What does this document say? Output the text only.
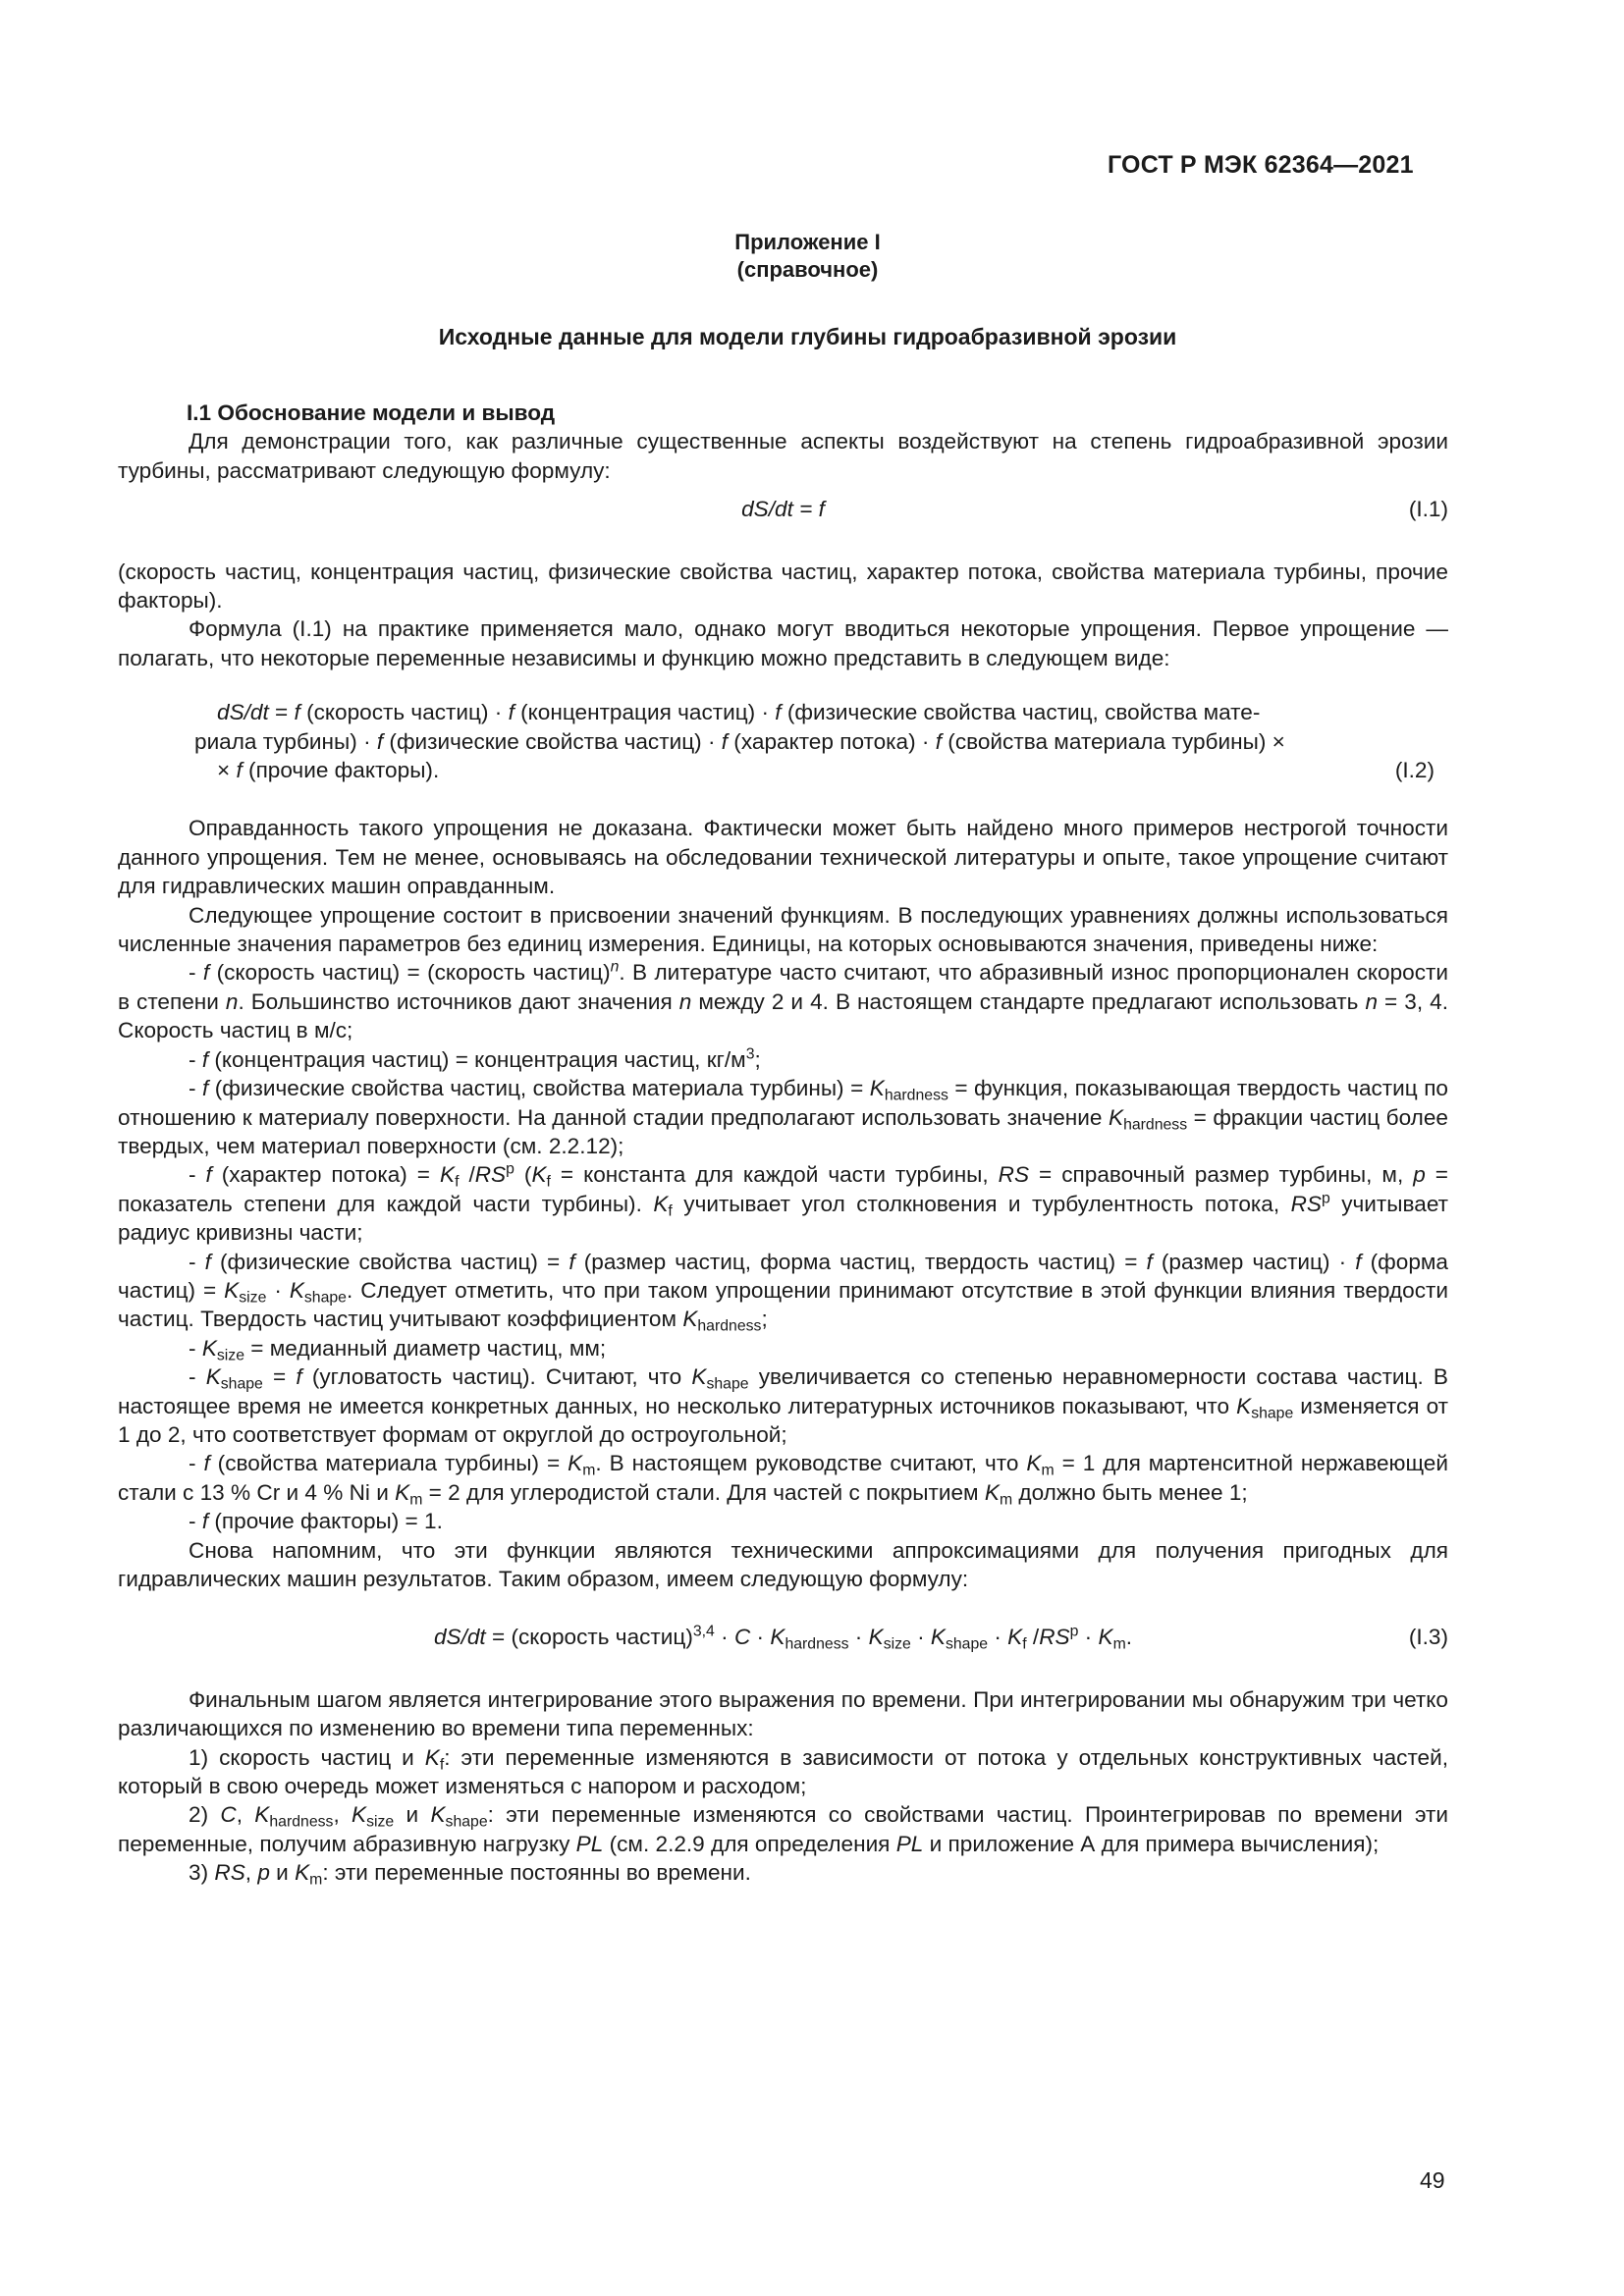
ГОСТ Р МЭК 62364—2021
Приложение I
(справочное)
Исходные данные для модели глубины гидроабразивной эрозии

I.1 Обоснование модели и вывод

Для демонстрации того, как различные существенные аспекты воздействуют на степень гидроабразивной эрозии турбины, рассматривают следующую формулу:

dS/dt = f	(I.1)

(скорость частиц, концентрация частиц, физические свойства частиц, характер потока, свойства материала турбины, прочие факторы).

Формула (I.1) на практике применяется мало, однако могут вводиться некоторые упрощения. Первое упрощение — полагать, что некоторые переменные независимы и функцию можно представить в следующем виде:

dS/dt = f (скорость частиц) · f (концентрация частиц) · f (физические свойства частиц, свойства мате-
риала турбины) · f (физические свойства частиц) · f (характер потока) · f (свойства материала турбины) ×
× f (прочие факторы).	(I.2)

Оправданность такого упрощения не доказана. Фактически может быть найдено много примеров нестрогой точности данного упрощения. Тем не менее, основываясь на обследовании технической литературы и опыте, такое упрощение считают для гидравлических машин оправданным.

Следующее упрощение состоит в присвоении значений функциям. В последующих уравнениях должны использоваться численные значения параметров без единиц измерения. Единицы, на которых основываются значения, приведены ниже:

- f (скорость частиц) = (скорость частиц)$^n$. В литературе часто считают, что абразивный износ пропорционален скорости в степени n. Большинство источников дают значения n между 2 и 4. В настоящем стандарте предлагают использовать n = 3, 4. Скорость частиц в м/с;

- f (концентрация частиц) = концентрация частиц, $кг/м^3$;

- f (физические свойства частиц, свойства материала турбины) = $K_{hardness}$ = функция, показывающая твердость частиц по отношению к материалу поверхности. На данной стадии предполагают использовать значение $K_{hardness}$ = фракции частиц более твердых, чем материал поверхности (см. 2.2.12);

- f (характер потока) = $K_f$ $/RS^p$ ($K_f$ = константа для каждой части турбины, RS = справочный размер турбины, м, p = показатель степени для каждой части турбины). $K_f$ учитывает угол столкновения и турбулентность потока, $RS^p$ учитывает радиус кривизны части;

- f (физические свойства частиц) = f (размер частиц, форма частиц, твердость частиц) = f (размер частиц) · f (форма частиц) = $K_{size} \cdot K_{shape}$. Следует отметить, что при таком упрощении принимают отсутствие в этой функции влияния твердости частиц. Твердость частиц учитывают коэффициентом $K_{hardness}$;

- $K_{size}$ = медианный диаметр частиц, мм;

- $K_{shape} = f$ (угловатость частиц). Считают, что $K_{shape}$ увеличивается со степенью неравномерности состава частиц. В настоящее время не имеется конкретных данных, но несколько литературных источников показывают, что $K_{shape}$ изменяется от 1 до 2, что соответствует формам от округлой до остроугольной;

- f (свойства материала турбины) = $K_m$. В настоящем руководстве считают, что $K_m = 1$ для мартенситной нержавеющей стали с 13 % Cr и 4 % Ni и $K_m = 2$ для углеродистой стали. Для частей с покрытием $K_m$ должно быть менее 1;

- f (прочие факторы) = 1.

Снова напомним, что эти функции являются техническими аппроксимациями для получения пригодных для гидравлических машин результатов. Таким образом, имеем следующую формулу:

dS/dt = (скорость частиц)$^{3,4}$ · $C \cdot K_{hardness} \cdot K_{size} \cdot K_{shape} \cdot K_f$ $/RS^p \cdot K_m$.	(I.3)

Финальным шагом является интегрирование этого выражения по времени. При интегрировании мы обнаружим три четко различающихся по изменению во времени типа переменных:

1) скорость частиц и $K_f$: эти переменные изменяются в зависимости от потока у отдельных конструктивных частей, который в свою очередь может изменяться с напором и расходом;

2) C, $K_{hardness}$, $K_{size}$ и $K_{shape}$: эти переменные изменяются со свойствами частиц. Проинтегрировав по времени эти переменные, получим абразивную нагрузку PL (см. 2.2.9 для определения PL и приложение А для примера вычисления);

3) RS, p и $K_m$: эти переменные постоянны во времени.

49
